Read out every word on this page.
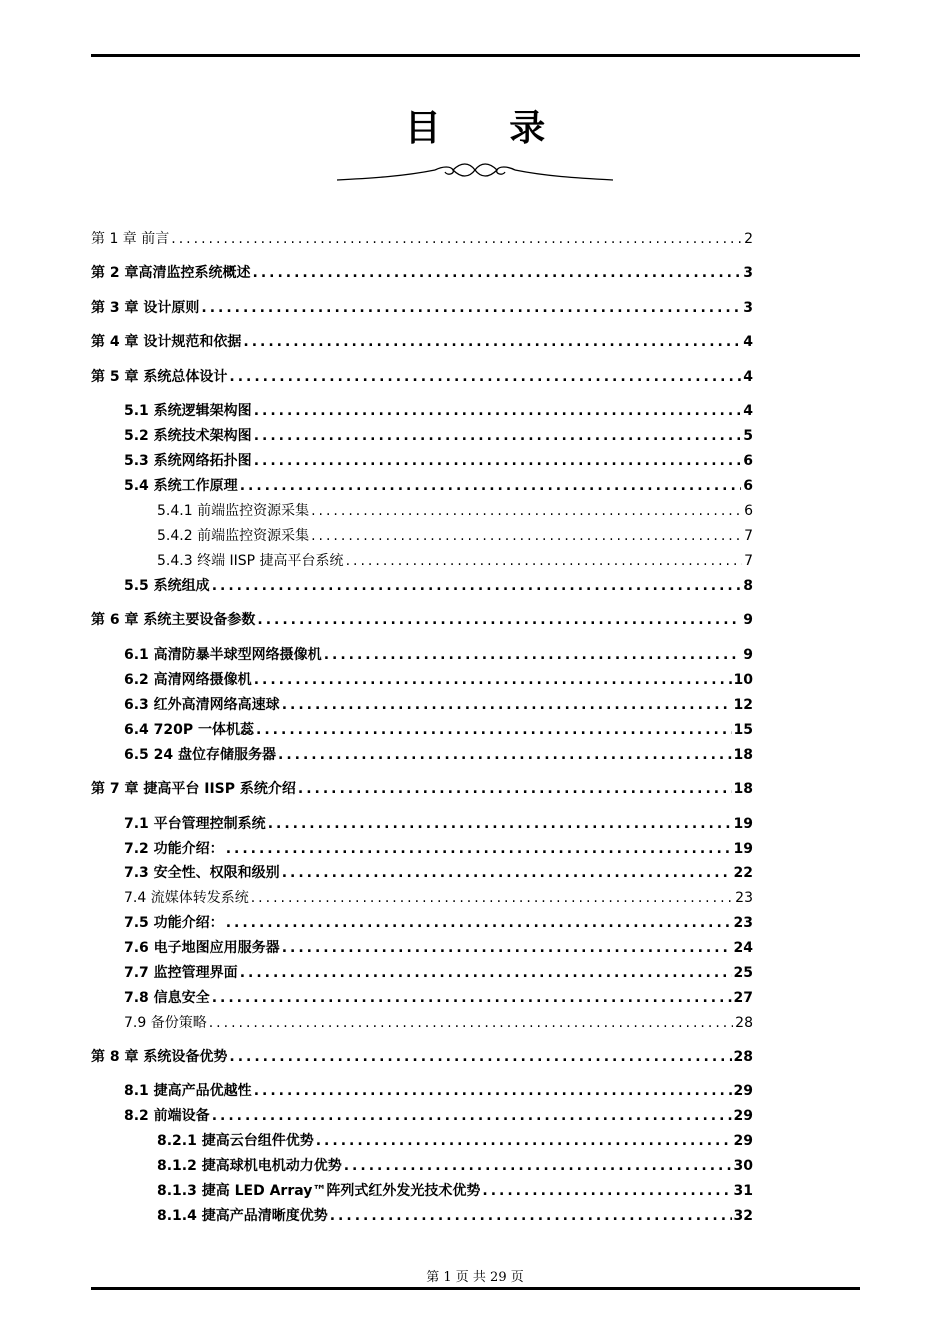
目 录
第 1 章 前言 .....	2
第 2 章高清监控系统概述 .....	3
第 3 章 设计原则 .....	3
第 4 章 设计规范和依据 .....	4
第 5 章 系统总体设计 .....	4
5.1 系统逻辑架构图 .....	4
5.2 系统技术架构图 .....	5
5.3 系统网络拓扑图 .....	6
5.4 系统工作原理 .....	6
5.4.1 前端监控资源采集 .....	6
5.4.2 前端监控资源采集 .....	7
5.4.3 终端 IISP 捷高平台系统 .....	7
5.5 系统组成 .....	8
第 6 章 系统主要设备参数 .....	9
6.1 高清防暴半球型网络摄像机 .....	9
6.2 高清网络摄像机 .....	10
6.3 红外高清网络高速球 .....	12
6.4 720P 一体机蕊 .....	15
6.5 24 盘位存储服务器 .....	18
第 7 章 捷高平台 IISP 系统介绍 .....	18
7.1 平台管理控制系统 .....	19
7.2 功能介绍： .....	19
7.3 安全性、权限和级别 .....	22
7.4 流媒体转发系统 .....	23
7.5 功能介绍： .....	23
7.6 电子地图应用服务器 .....	24
7.7 监控管理界面 .....	25
7.8 信息安全 .....	27
7.9 备份策略 .....	28
第 8 章 系统设备优势 .....	28
8.1 捷高产品优越性 .....	29
8.2 前端设备 .....	29
8.2.1 捷高云台组件优势 .....	29
8.1.2 捷高球机电机动力优势 .....	30
8.1.3 捷高 LED Array™阵列式红外发光技术优势 .....	31
8.1.4 捷高产品清晰度优势 .....	32
第 1 页 共 29 页
